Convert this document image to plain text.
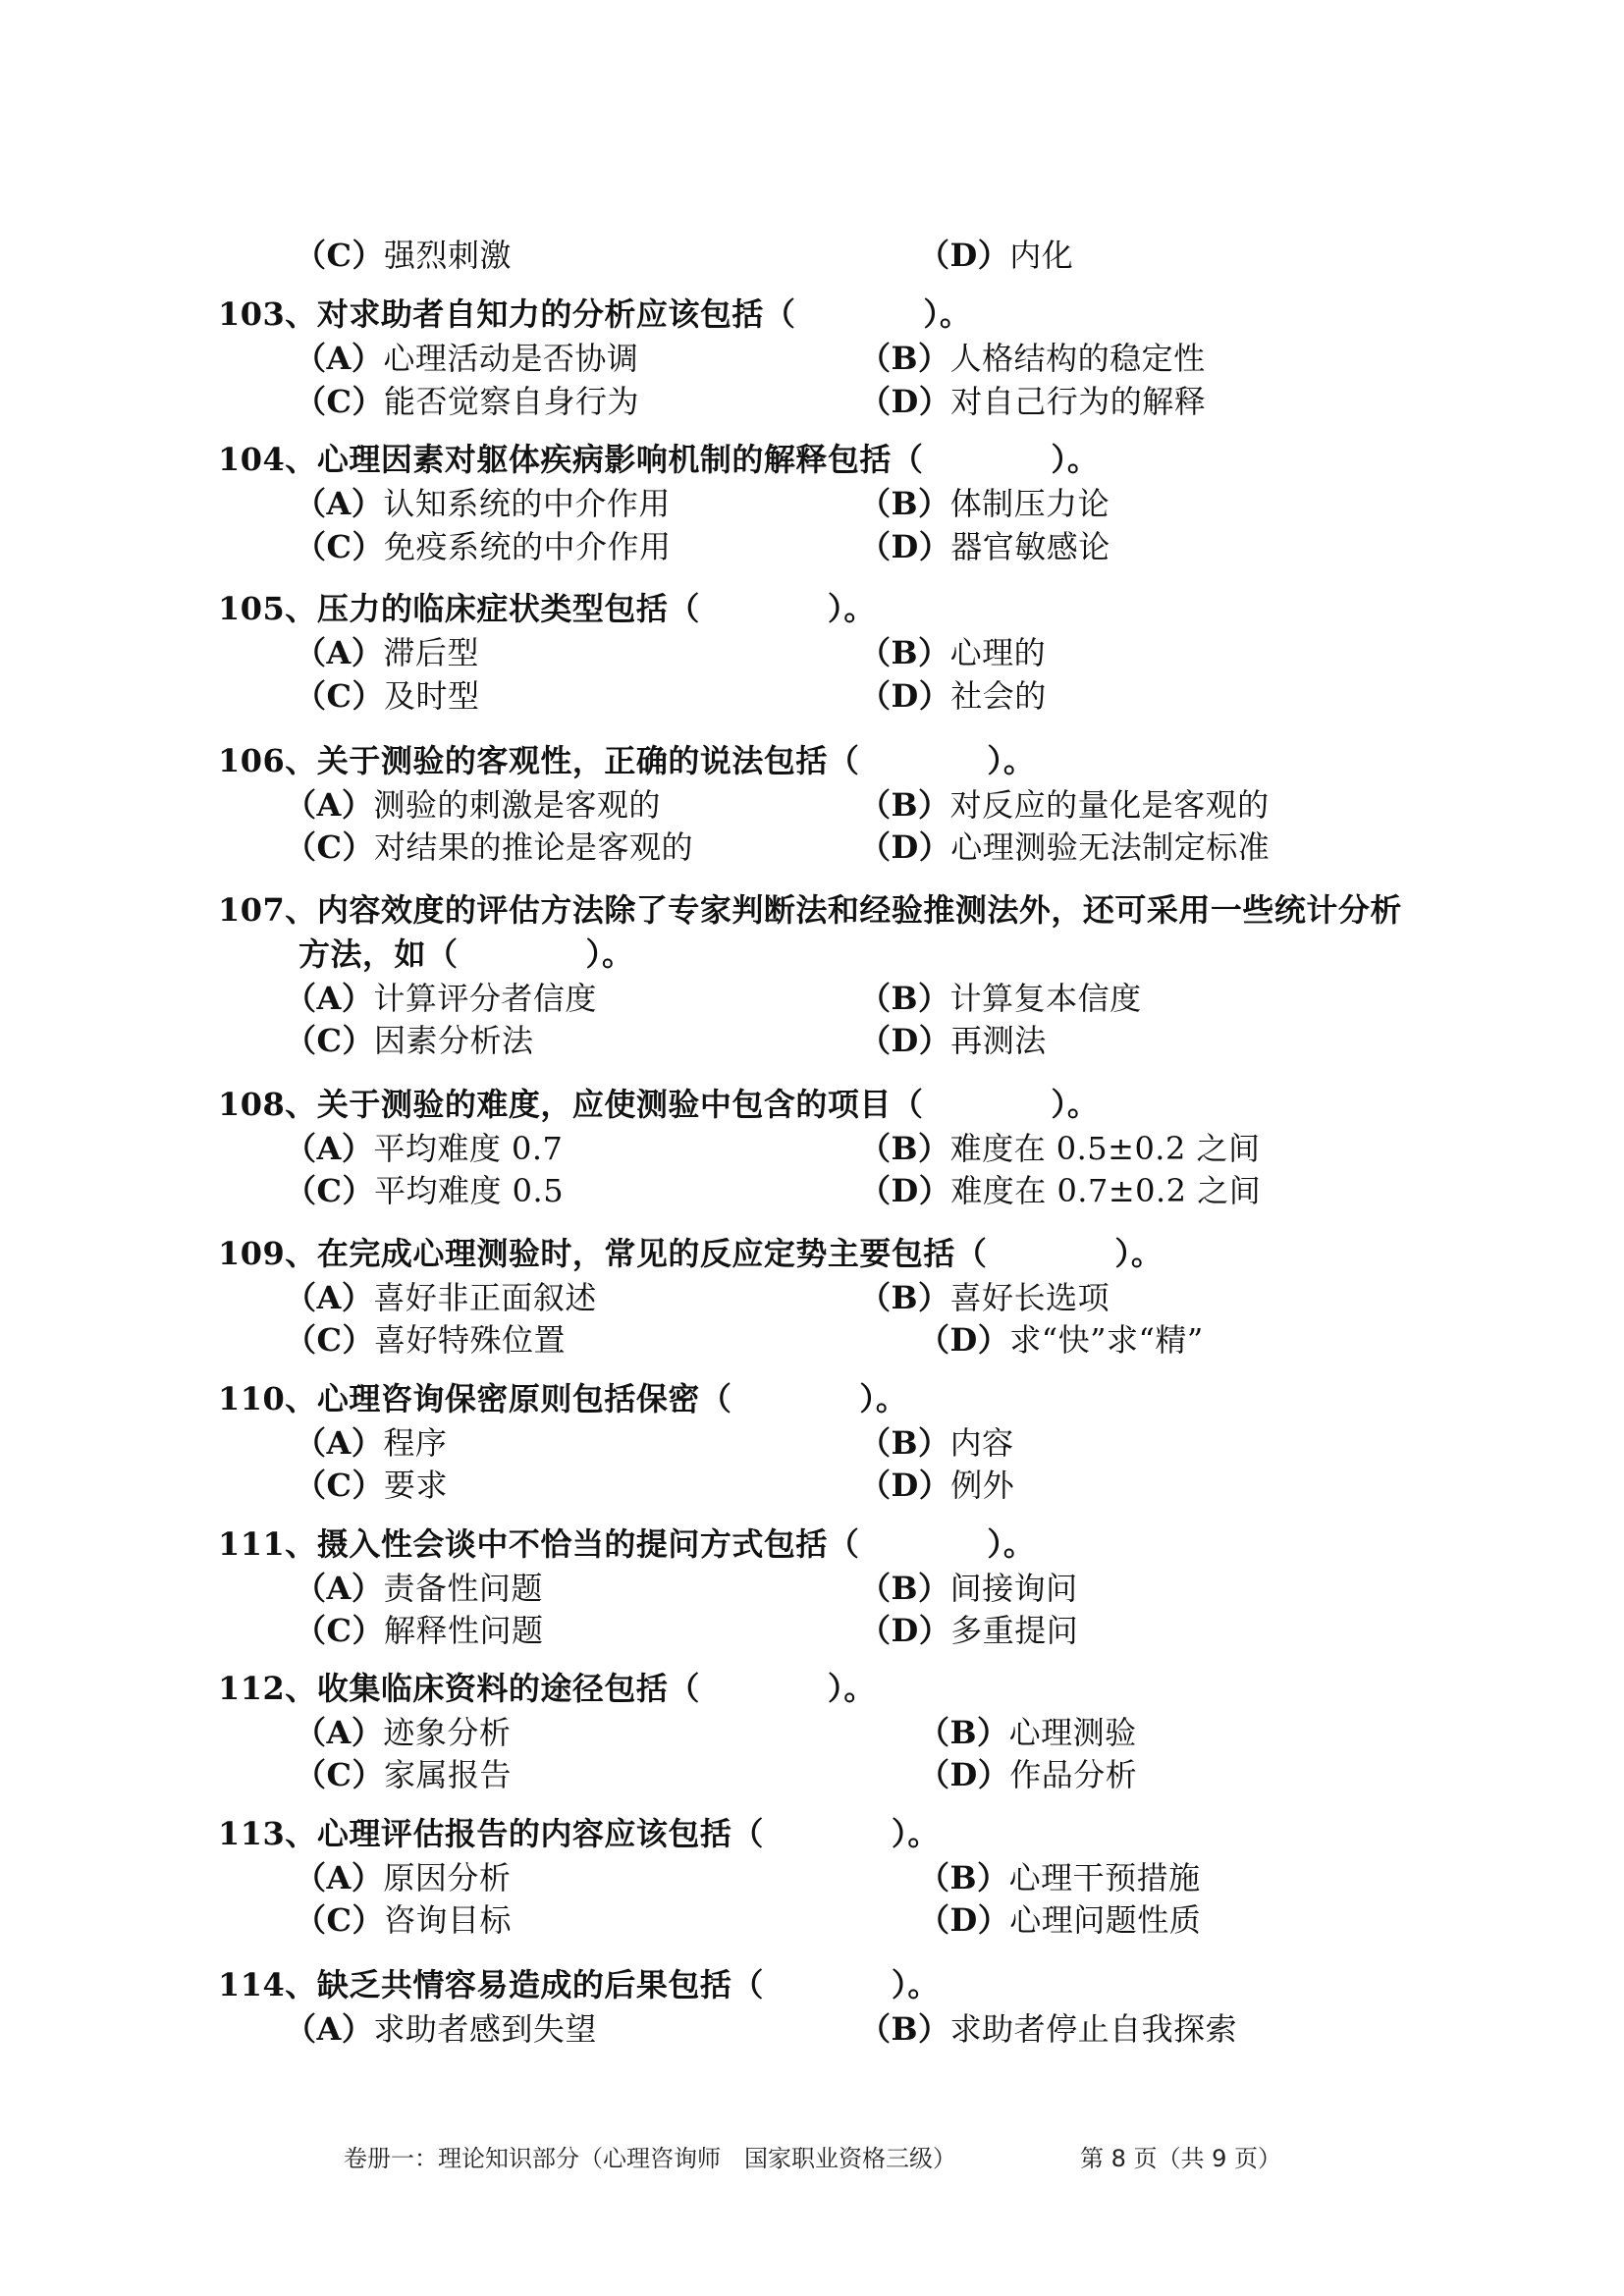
（C）强烈刺激	（D）内化
103、对求助者自知力的分析应该包括（　　　　）。
（A）心理活动是否协调	（B）人格结构的稳定性
（C）能否觉察自身行为	（D）对自己行为的解释
104、心理因素对躯体疾病影响机制的解释包括（　　　　）。
（A）认知系统的中介作用	（B）体制压力论
（C）免疫系统的中介作用	（D）器官敏感论
105、压力的临床症状类型包括（　　　　）。
（A）滞后型	（B）心理的
（C）及时型	（D）社会的
106、关于测验的客观性，正确的说法包括（　　　　）。
（A）测验的刺激是客观的	（B）对反应的量化是客观的
（C）对结果的推论是客观的	（D）心理测验无法制定标准
107、内容效度的评估方法除了专家判断法和经验推测法外，还可采用一些统计分析
方法，如（　　　　）。
（A）计算评分者信度	（B）计算复本信度
（C）因素分析法	（D）再测法
108、关于测验的难度，应使测验中包含的项目（　　　　）。
（A）平均难度 0.7	（B）难度在 0.5±0.2 之间
（C）平均难度 0.5	（D）难度在 0.7±0.2 之间
109、在完成心理测验时，常见的反应定势主要包括（　　　　）。
（A）喜好非正面叙述	（B）喜好长选项
（C）喜好特殊位置	（D）求“快”求“精”
110、心理咨询保密原则包括保密（　　　　）。
（A）程序	（B）内容
（C）要求	（D）例外
111、摄入性会谈中不恰当的提问方式包括（　　　　）。
（A）责备性问题	（B）间接询问
（C）解释性问题	（D）多重提问
112、收集临床资料的途径包括（　　　　）。
（A）迹象分析	（B）心理测验
（C）家属报告	（D）作品分析
113、心理评估报告的内容应该包括（　　　　）。
（A）原因分析	（B）心理干预措施
（C）咨询目标	（D）心理问题性质
114、缺乏共情容易造成的后果包括（　　　　）。
（A）求助者感到失望	（B）求助者停止自我探索
卷册一：理论知识部分（心理咨询师　国家职业资格三级）	第 8 页（共 9 页）
